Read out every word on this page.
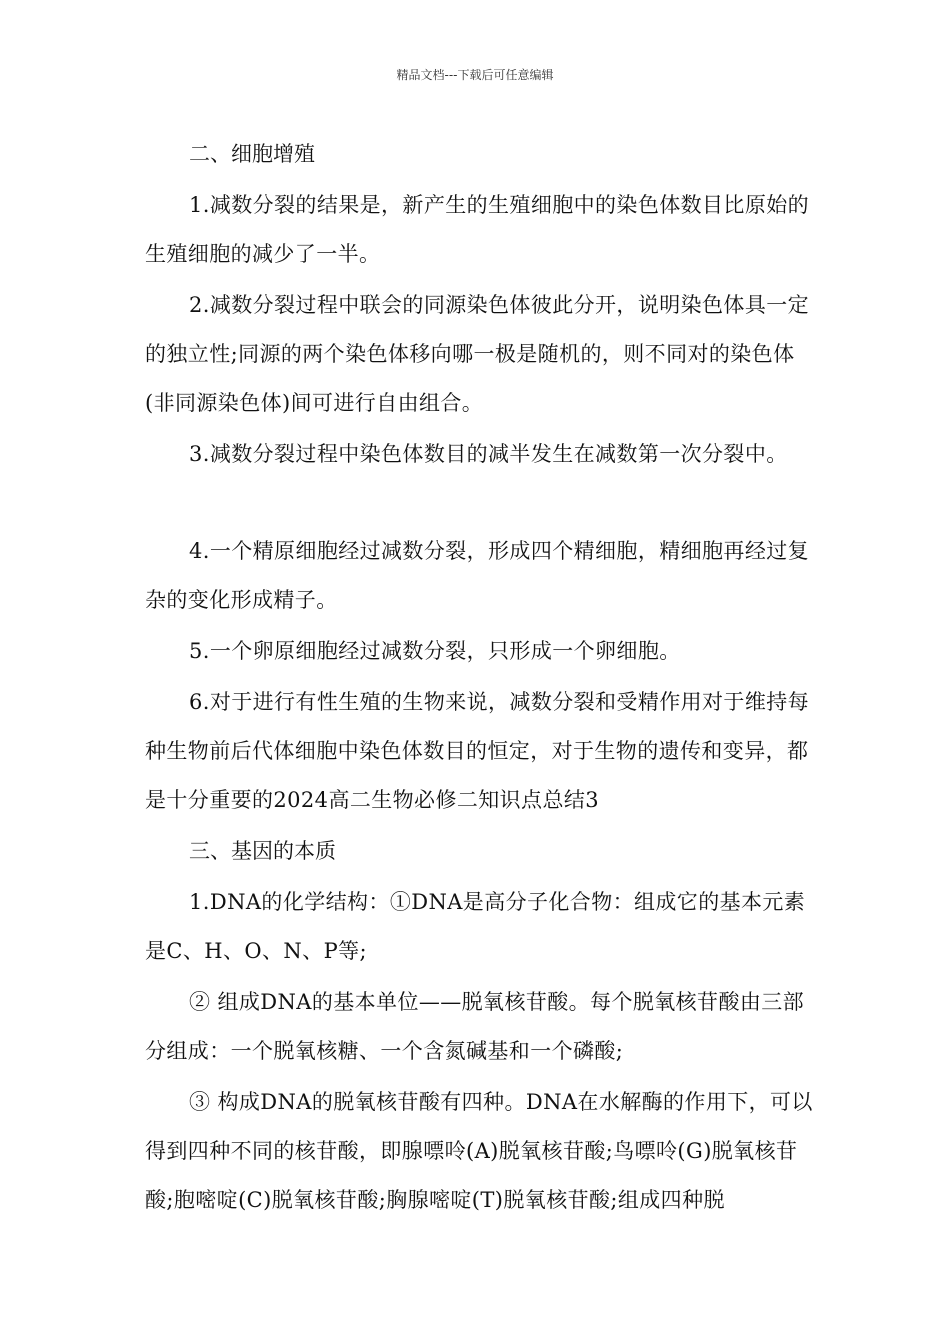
精品文档---下载后可任意编辑
二、细胞增殖
1.减数分裂的结果是，新产生的生殖细胞中的染色体数目比原始的生殖细胞的减少了一半。
2.减数分裂过程中联会的同源染色体彼此分开，说明染色体具一定的独立性;同源的两个染色体移向哪一极是随机的，则不同对的染色体(非同源染色体)间可进行自由组合。
3.减数分裂过程中染色体数目的减半发生在减数第一次分裂中。
4.一个精原细胞经过减数分裂，形成四个精细胞，精细胞再经过复杂的变化形成精子。
5.一个卵原细胞经过减数分裂，只形成一个卵细胞。
6.对于进行有性生殖的生物来说，减数分裂和受精作用对于维持每种生物前后代体细胞中染色体数目的恒定，对于生物的遗传和变异，都是十分重要的2024高二生物必修二知识点总结3
三、基因的本质
1.DNA的化学结构：①DNA是高分子化合物：组成它的基本元素是C、H、O、N、P等;
② 组成DNA的基本单位——脱氧核苷酸。每个脱氧核苷酸由三部分组成：一个脱氧核糖、一个含氮碱基和一个磷酸;
③ 构成DNA的脱氧核苷酸有四种。DNA在水解酶的作用下，可以得到四种不同的核苷酸，即腺嘌呤(A)脱氧核苷酸;鸟嘌呤(G)脱氧核苷酸;胞嘧啶(C)脱氧核苷酸;胸腺嘧啶(T)脱氧核苷酸;组成四种脱
